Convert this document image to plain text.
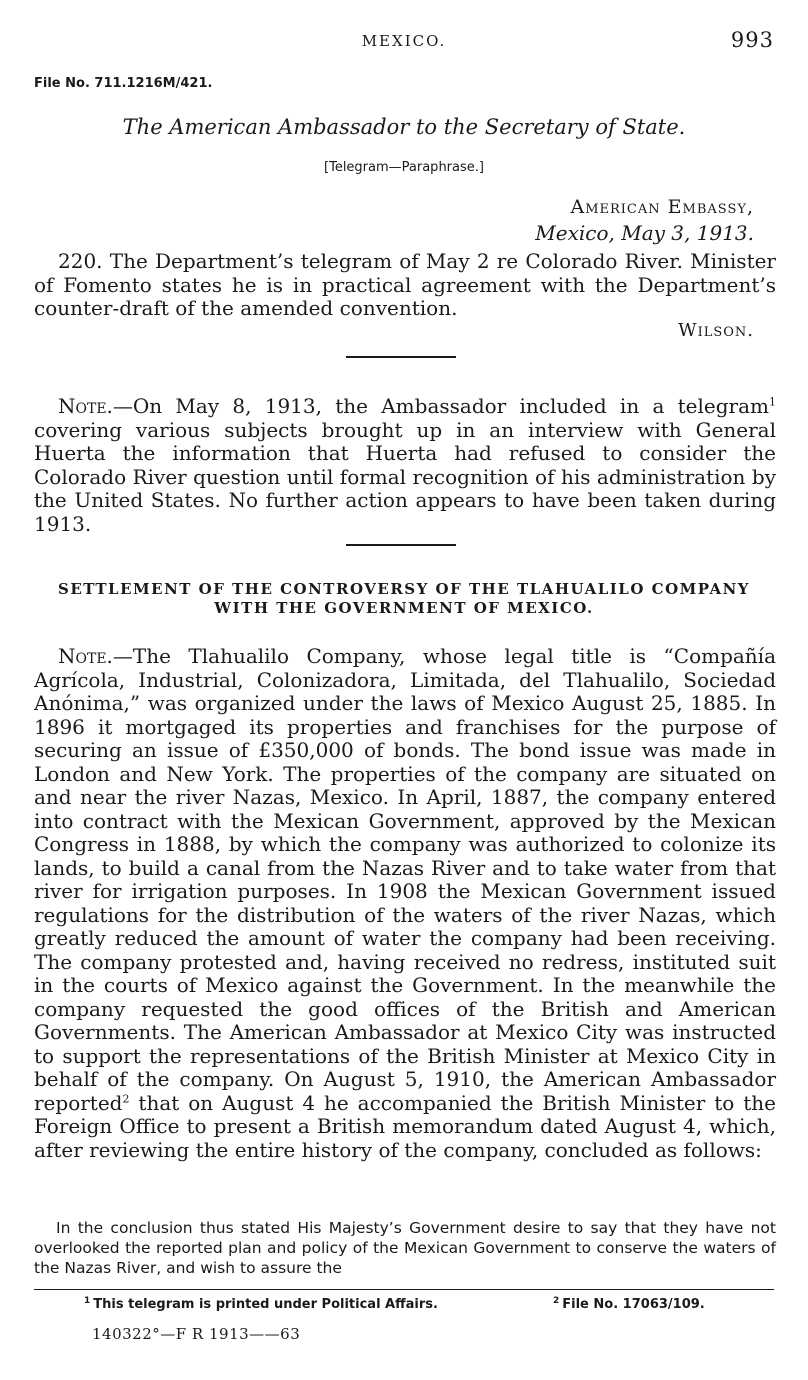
MEXICO.	993
File No. 711.1216M/421.
The American Ambassador to the Secretary of State.
[Telegram—Paraphrase.]
American Embassy,
Mexico, May 3, 1913.
220. The Department’s telegram of May 2 re Colorado River. Minister of Fomento states he is in practical agreement with the Department’s counter-draft of the amended convention.
Wilson.
Note.—On May 8, 1913, the Ambassador included in a telegram$^1$ covering various subjects brought up in an interview with General Huerta the information that Huerta had refused to consider the Colorado River question until formal recognition of his administration by the United States. No further action appears to have been taken during 1913.
SETTLEMENT OF THE CONTROVERSY OF THE TLAHUALILO COMPANY WITH THE GOVERNMENT OF MEXICO.
Note.—The Tlahualilo Company, whose legal title is “Compañía Agrícola, Industrial, Colonizadora, Limitada, del Tlahualilo, Sociedad Anónima,” was organized under the laws of Mexico August 25, 1885. In 1896 it mortgaged its properties and franchises for the purpose of securing an issue of £350,000 of bonds. The bond issue was made in London and New York. The properties of the company are situated on and near the river Nazas, Mexico. In April, 1887, the company entered into contract with the Mexican Government, approved by the Mexican Congress in 1888, by which the company was authorized to colonize its lands, to build a canal from the Nazas River and to take water from that river for irrigation purposes. In 1908 the Mexican Government issued regulations for the distribution of the waters of the river Nazas, which greatly reduced the amount of water the company had been receiving. The company protested and, having received no redress, instituted suit in the courts of Mexico against the Government. In the meanwhile the company requested the good offices of the British and American Governments. The American Ambassador at Mexico City was instructed to support the representations of the British Minister at Mexico City in behalf of the company. On August 5, 1910, the American Ambassador reported$^2$ that on August 4 he accompanied the British Minister to the Foreign Office to present a British memorandum dated August 4, which, after reviewing the entire history of the company, concluded as follows:
In the conclusion thus stated His Majesty’s Government desire to say that they have not overlooked the reported plan and policy of the Mexican Government to conserve the waters of the Nazas River, and wish to assure the
$^1$ This telegram is printed under Political Affairs.	$^2$ File No. 17063/109.
140322°—F R 1913——63
